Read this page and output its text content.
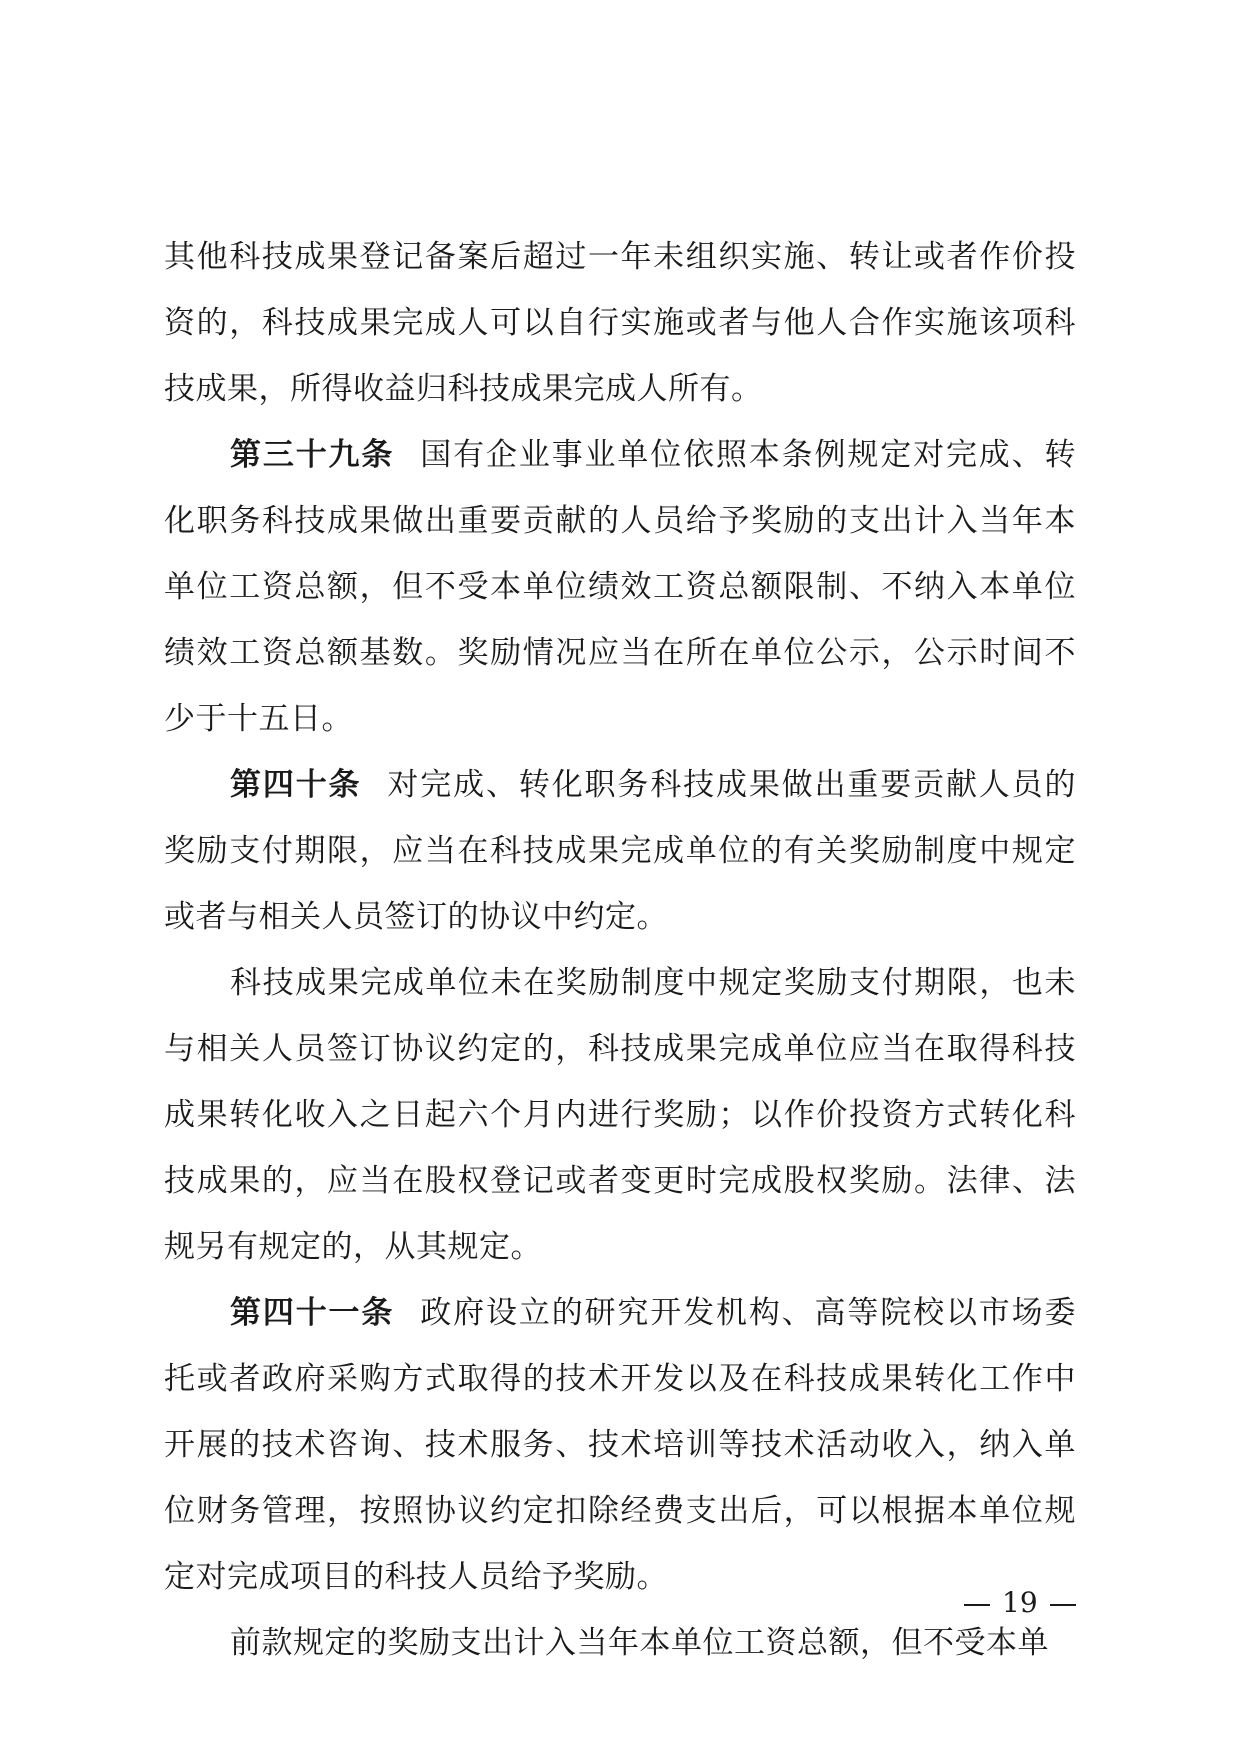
其他科技成果登记备案后超过一年未组织实施、转让或者作价投
资的，科技成果完成人可以自行实施或者与他人合作实施该项科
技成果，所得收益归科技成果完成人所有。
第三十九条 国有企业事业单位依照本条例规定对完成、转
化职务科技成果做出重要贡献的人员给予奖励的支出计入当年本
单位工资总额，但不受本单位绩效工资总额限制、不纳入本单位
绩效工资总额基数。奖励情况应当在所在单位公示，公示时间不
少于十五日。
第四十条 对完成、转化职务科技成果做出重要贡献人员的
奖励支付期限，应当在科技成果完成单位的有关奖励制度中规定
或者与相关人员签订的协议中约定。
科技成果完成单位未在奖励制度中规定奖励支付期限，也未
与相关人员签订协议约定的，科技成果完成单位应当在取得科技
成果转化收入之日起六个月内进行奖励；以作价投资方式转化科
技成果的，应当在股权登记或者变更时完成股权奖励。法律、法
规另有规定的，从其规定。
第四十一条 政府设立的研究开发机构、高等院校以市场委
托或者政府采购方式取得的技术开发以及在科技成果转化工作中
开展的技术咨询、技术服务、技术培训等技术活动收入，纳入单
位财务管理，按照协议约定扣除经费支出后，可以根据本单位规
定对完成项目的科技人员给予奖励。
前款规定的奖励支出计入当年本单位工资总额，但不受本单
19
